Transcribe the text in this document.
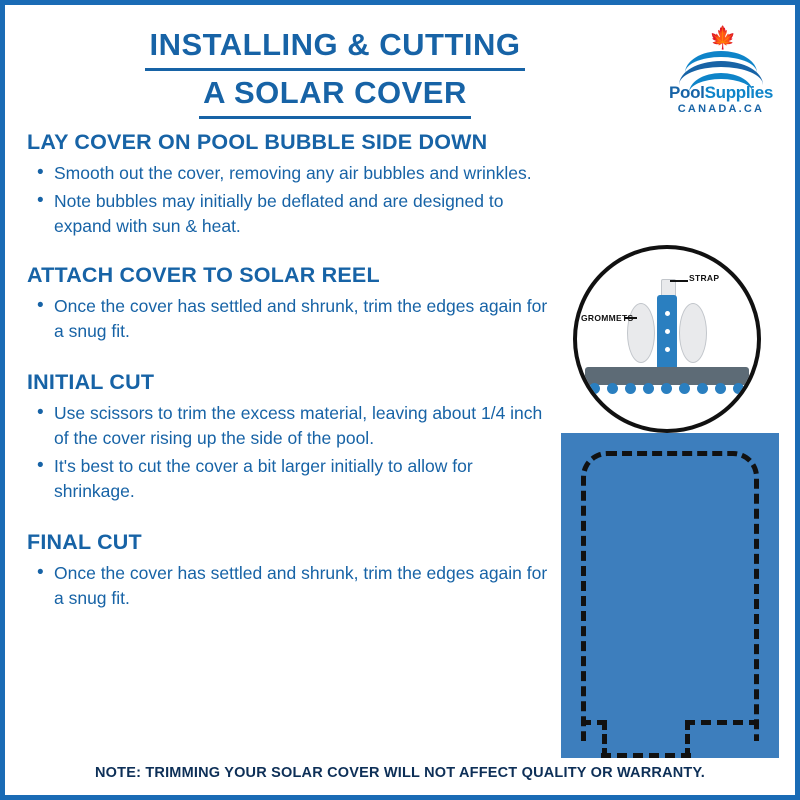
INSTALLING & CUTTING
A SOLAR COVER
🍁
PoolSupplies
CANADA.CA
LAY COVER ON POOL BUBBLE SIDE DOWN
• Smooth out the cover, removing any air bubbles and wrinkles.
• Note bubbles may initially be deflated and are designed to expand with sun & heat.
ATTACH COVER TO SOLAR REEL
• Once the cover has settled and shrunk, trim the edges again for a snug fit.
INITIAL CUT
• Use scissors to trim the excess material, leaving about 1/4 inch of the cover rising up the side of the pool.
• It's best to cut the cover a bit larger initially to allow for shrinkage.
FINAL CUT
• Once the cover has settled and shrunk, trim the edges again for a snug fit.
STRAP
GROMMETS
NOTE: TRIMMING YOUR SOLAR COVER WILL NOT AFFECT QUALITY OR WARRANTY.
